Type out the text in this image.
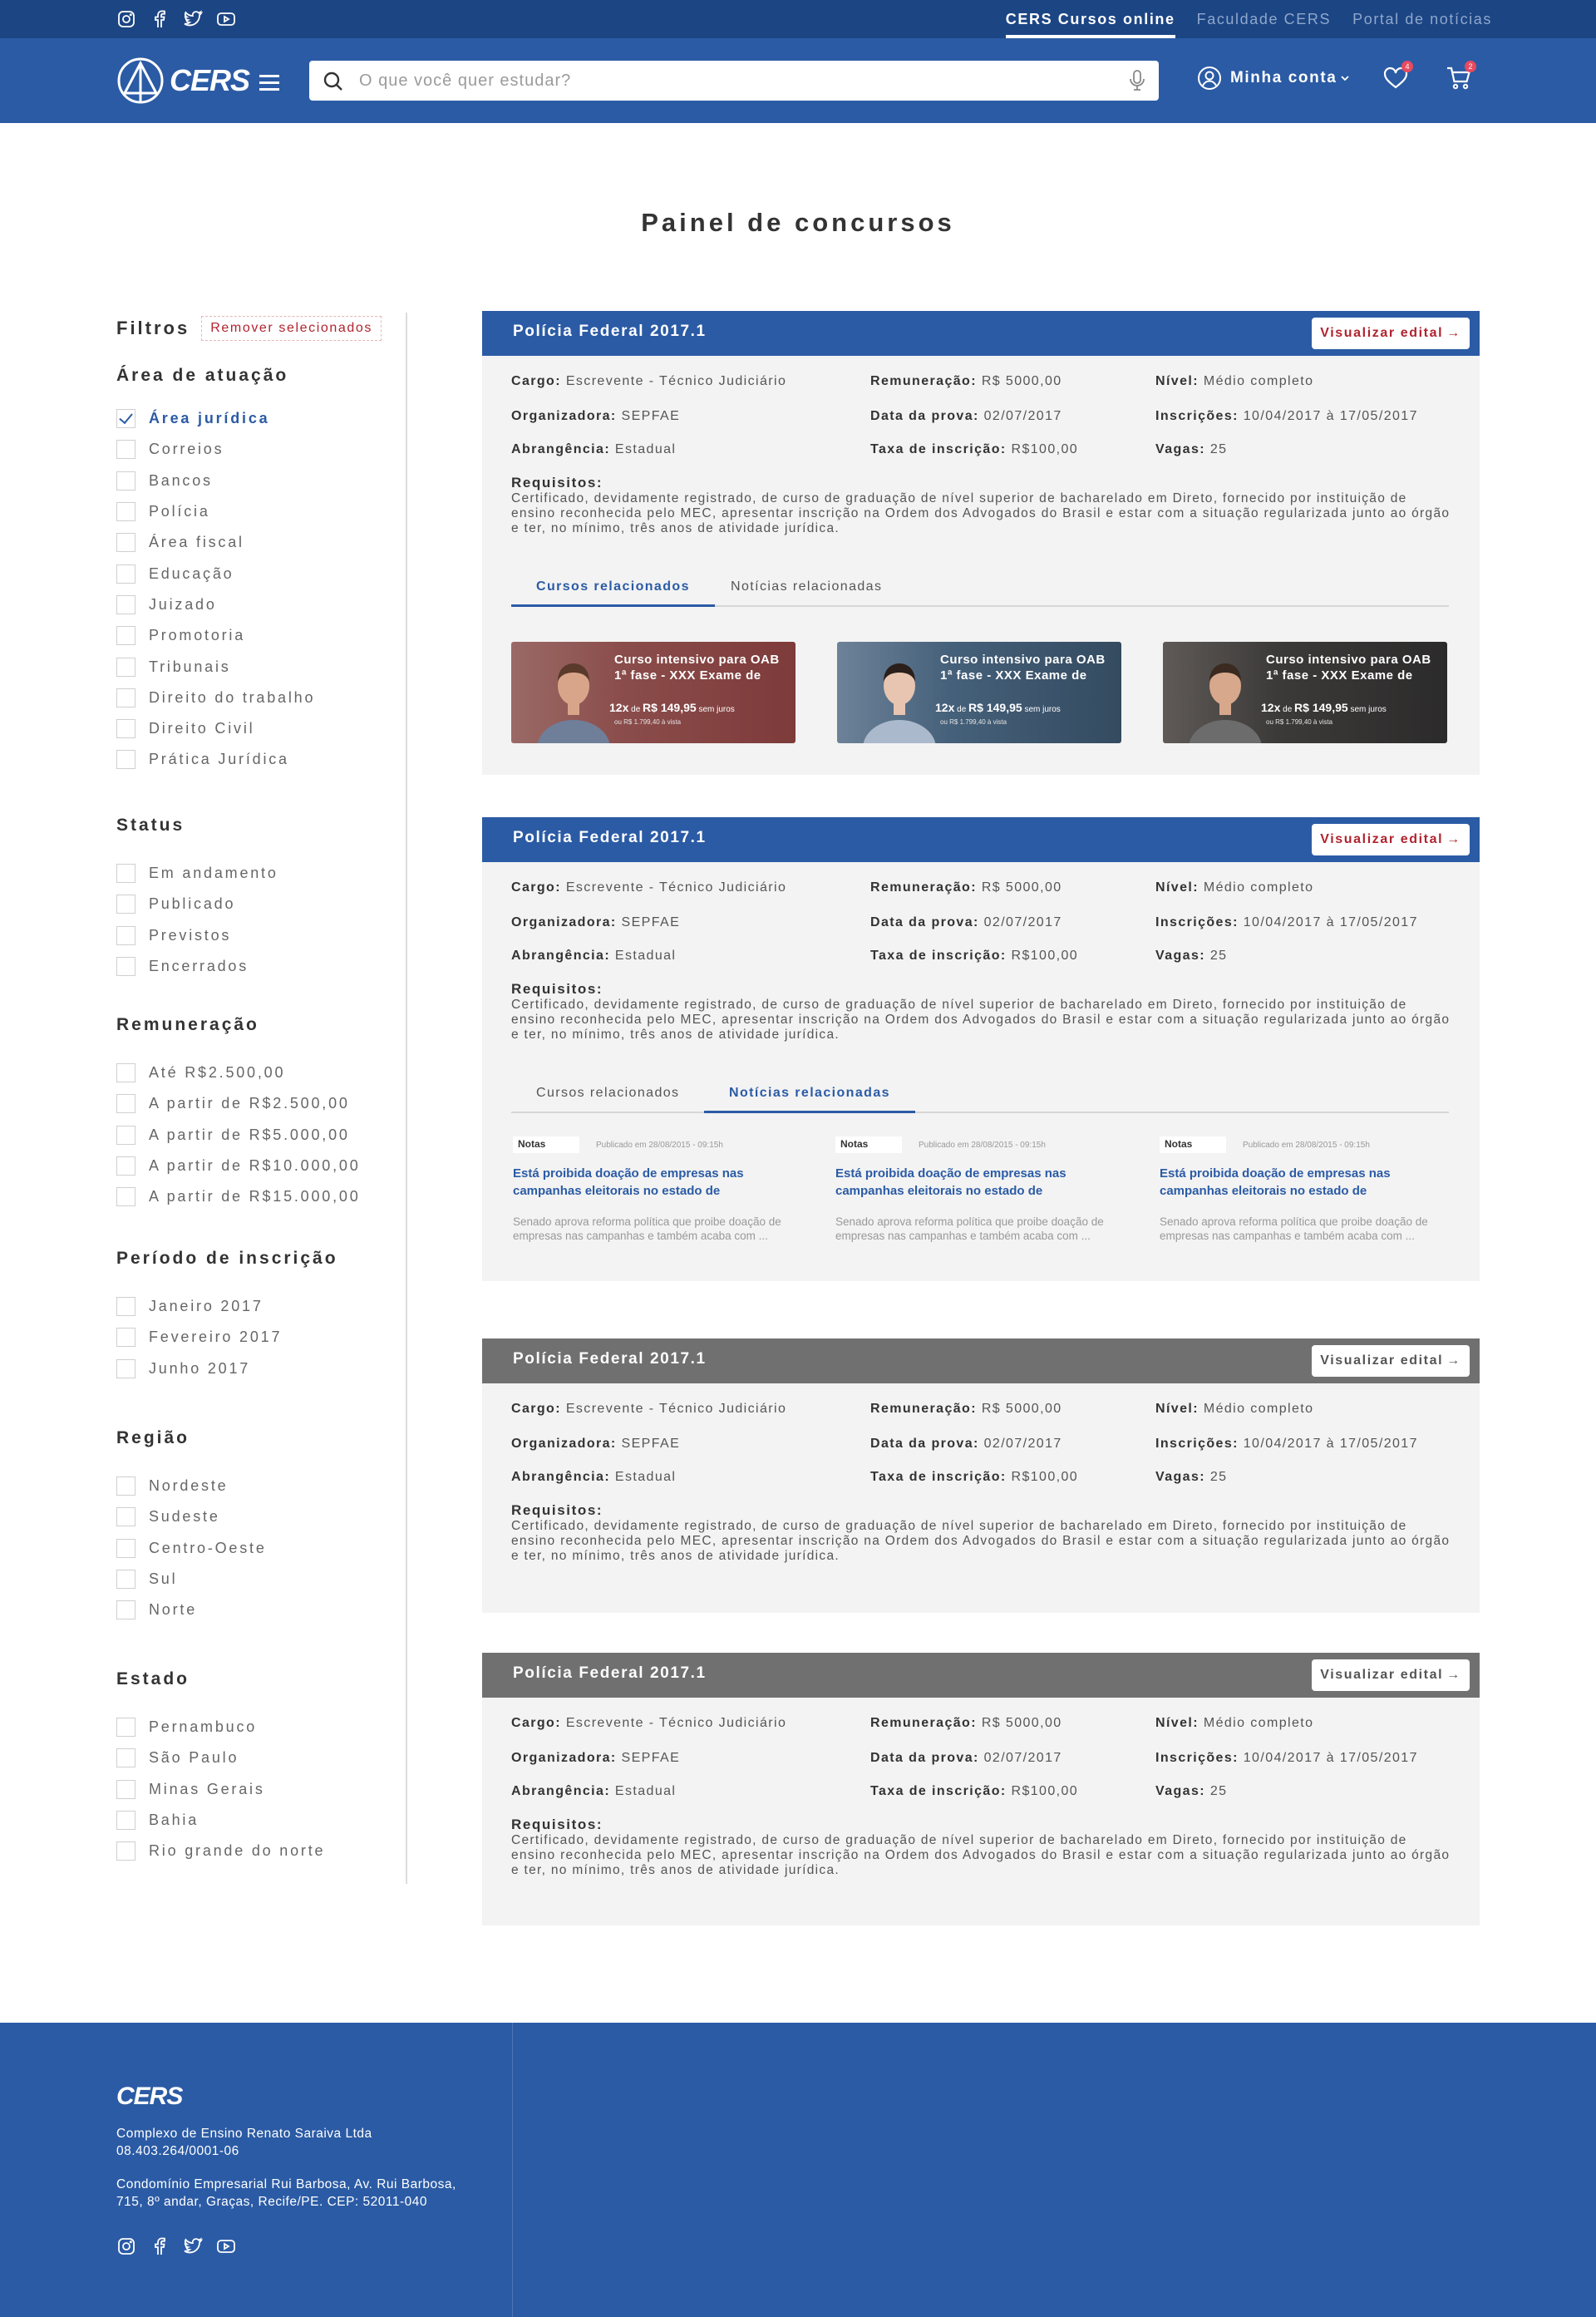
CERS Cursos online Faculdade CERS Portal de notícias
CERS
O que você quer estudar?	Minha conta
4	2
Painel de concursos
Filtros	Remover selecionados
Área de atuação
Área jurídica
Correios
Bancos
Polícia
Área fiscal
Educação
Juizado
Promotoria
Tribunais
Direito do trabalho
Direito Civil
Prática Jurídica
Status
Em andamento
Publicado
Previstos
Encerrados
Remuneração
Até R$2.500,00
A partir de R$2.500,00
A partir de R$5.000,00
A partir de R$10.000,00
A partir de R$15.000,00
Período de inscrição
Janeiro 2017
Fevereiro 2017
Junho 2017
Região
Nordeste
Sudeste
Centro-Oeste
Sul
Norte
Estado
Pernambuco
São Paulo
Minas Gerais
Bahia
Rio grande do norte
Polícia Federal 2017.1	Visualizar edital →
Cargo: Escrevente - Técnico Judiciário	Remuneração: R$ 5000,00	Nível: Médio completo
Organizadora: SEPFAE	Data da prova: 02/07/2017	Inscrições: 10/04/2017 à 17/05/2017
Abrangência: Estadual	Taxa de inscrição: R$100,00	Vagas: 25
Requisitos:
Certificado, devidamente registrado, de curso de graduação de nível superior de bacharelado em Direto, fornecido por instituição de ensino reconhecida pelo MEC, apresentar inscrição na Ordem dos Advogados do Brasil e estar com a situação regularizada junto ao órgão e ter, no mínimo, três anos de atividade jurídica.
Cursos relacionados	Notícias relacionadas
Curso intensivo para OAB 1ª fase - XXX Exame de
12x de R$ 149,95 sem juros
ou R$ 1.799,40 à vista
Curso intensivo para OAB 1ª fase - XXX Exame de
12x de R$ 149,95 sem juros
ou R$ 1.799,40 à vista
Curso intensivo para OAB 1ª fase - XXX Exame de
12x de R$ 149,95 sem juros
ou R$ 1.799,40 à vista
Polícia Federal 2017.1	Visualizar edital →
Cargo: Escrevente - Técnico Judiciário	Remuneração: R$ 5000,00	Nível: Médio completo
Organizadora: SEPFAE	Data da prova: 02/07/2017	Inscrições: 10/04/2017 à 17/05/2017
Abrangência: Estadual	Taxa de inscrição: R$100,00	Vagas: 25
Requisitos:
Certificado, devidamente registrado, de curso de graduação de nível superior de bacharelado em Direto, fornecido por instituição de ensino reconhecida pelo MEC, apresentar inscrição na Ordem dos Advogados do Brasil e estar com a situação regularizada junto ao órgão e ter, no mínimo, três anos de atividade jurídica.
Cursos relacionados	Notícias relacionadas
Notas	Publicado em 28/08/2015 - 09:15h
Está proibida doação de empresas nas campanhas eleitorais no estado de
Senado aprova reforma política que proibe doação de empresas nas campanhas e também acaba com ...
Notas	Publicado em 28/08/2015 - 09:15h
Está proibida doação de empresas nas campanhas eleitorais no estado de
Senado aprova reforma política que proibe doação de empresas nas campanhas e também acaba com ...
Notas	Publicado em 28/08/2015 - 09:15h
Está proibida doação de empresas nas campanhas eleitorais no estado de
Senado aprova reforma política que proibe doação de empresas nas campanhas e também acaba com ...
Polícia Federal 2017.1	Visualizar edital →
Cargo: Escrevente - Técnico Judiciário	Remuneração: R$ 5000,00	Nível: Médio completo
Organizadora: SEPFAE	Data da prova: 02/07/2017	Inscrições: 10/04/2017 à 17/05/2017
Abrangência: Estadual	Taxa de inscrição: R$100,00	Vagas: 25
Requisitos:
Certificado, devidamente registrado, de curso de graduação de nível superior de bacharelado em Direto, fornecido por instituição de ensino reconhecida pelo MEC, apresentar inscrição na Ordem dos Advogados do Brasil e estar com a situação regularizada junto ao órgão e ter, no mínimo, três anos de atividade jurídica.
Polícia Federal 2017.1	Visualizar edital →
Cargo: Escrevente - Técnico Judiciário	Remuneração: R$ 5000,00	Nível: Médio completo
Organizadora: SEPFAE	Data da prova: 02/07/2017	Inscrições: 10/04/2017 à 17/05/2017
Abrangência: Estadual	Taxa de inscrição: R$100,00	Vagas: 25
Requisitos:
Certificado, devidamente registrado, de curso de graduação de nível superior de bacharelado em Direto, fornecido por instituição de ensino reconhecida pelo MEC, apresentar inscrição na Ordem dos Advogados do Brasil e estar com a situação regularizada junto ao órgão e ter, no mínimo, três anos de atividade jurídica.
CERS
Complexo de Ensino Renato Saraiva Ltda
08.403.264/0001-06
Condomínio Empresarial Rui Barbosa, Av. Rui Barbosa, 715, 8º andar, Graças, Recife/PE. CEP: 52011-040
